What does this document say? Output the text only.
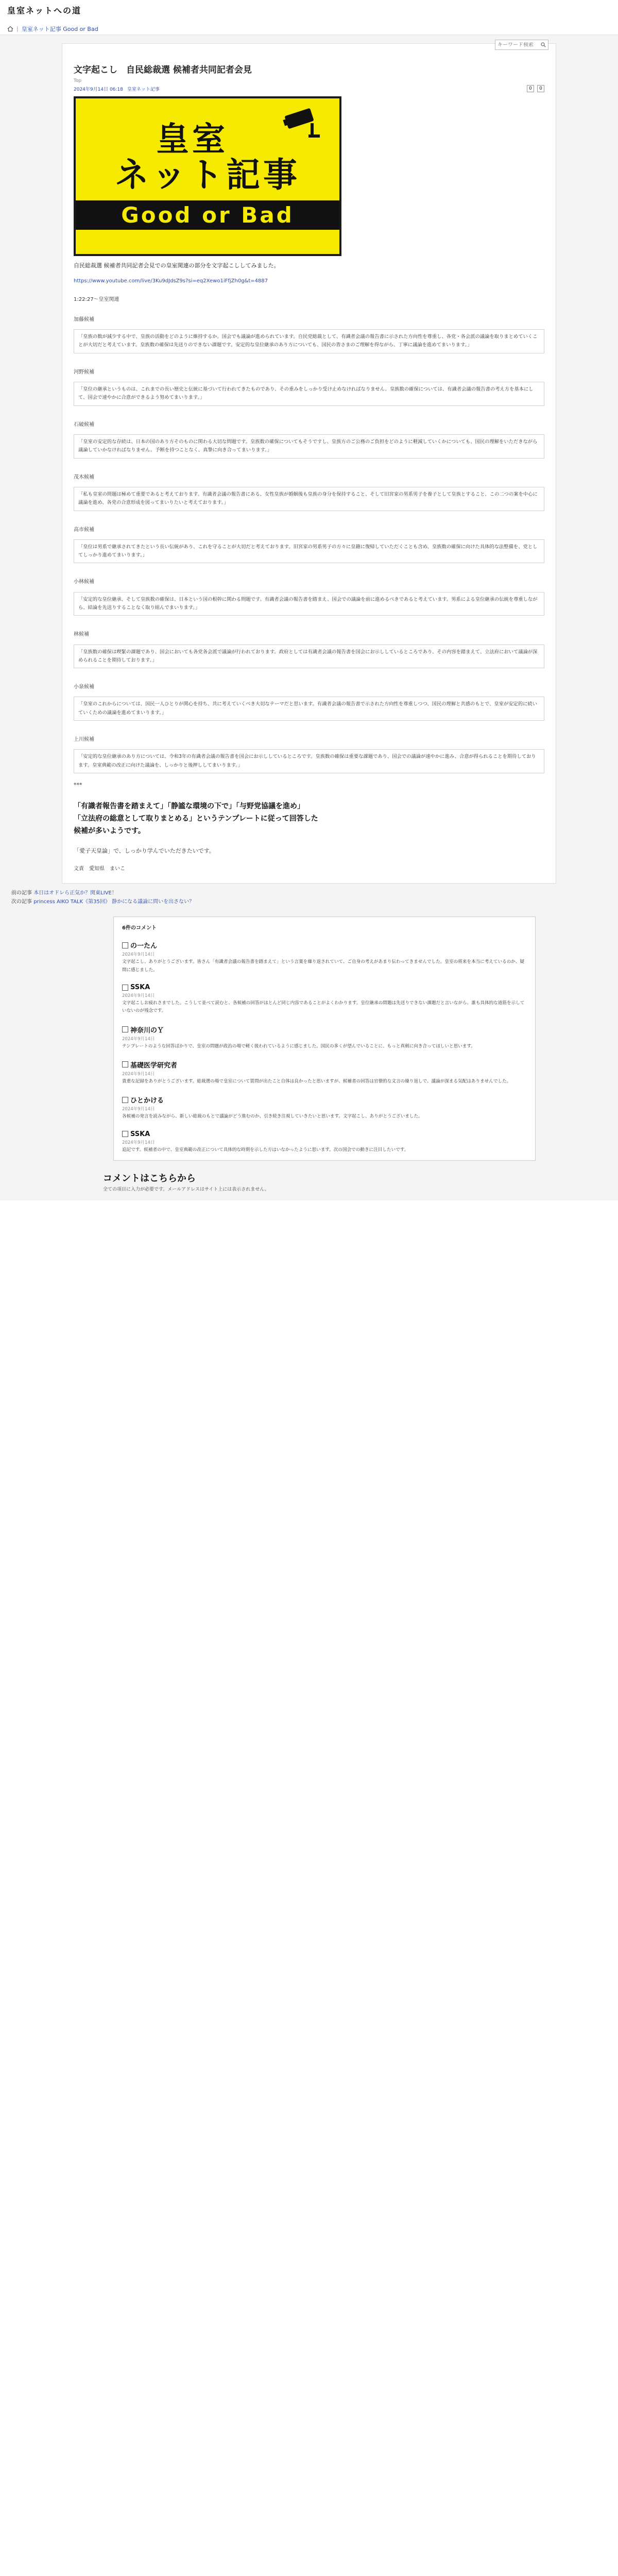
皇室ネットへの道
| 皇室ネット記事 Good or Bad
キーワード検索
文字起こし　自民総裁選 候補者共同記者会見
Top
2024年9月14日 06:18 皇室ネット記事	0	0
皇室
ネット記事
Good or Bad

自民総裁選 候補者共同記者会見での皇室関連の部分を文字起こししてみました。

https://www.youtube.com/live/3Ku9dJdsZ9s?si=eq2Xewo1iFfjZh0g&t=4887
1:22:27〜皇室関連
加藤候補
「皇族の数が減少する中で、皇族の活動をどのように維持するか。国会でも議論が進められています。自民党総裁として、有識者会議の報告書に示された方向性を尊重し、各党・各会派の議論を取りまとめていくことが大切だと考えています。皇族数の確保は先送りのできない課題です。安定的な皇位継承のあり方についても、国民の皆さまのご理解を得ながら、丁寧に議論を進めてまいります。」
河野候補
「皇位の継承というものは、これまでの長い歴史と伝統に基づいて行われてきたものであり、その重みをしっかり受け止めなければなりません。皇族数の確保については、有識者会議の報告書の考え方を基本にして、国会で速やかに合意ができるよう努めてまいります。」
石破候補
「皇室の安定的な存続は、日本の国のあり方そのものに関わる大切な問題です。皇族数の確保についてもそうですし、皇族方のご公務のご負担をどのように軽減していくかについても、国民の理解をいただきながら議論していかなければなりません。予断を持つことなく、真摯に向き合ってまいります。」
茂木候補
「私も皇室の問題は極めて重要であると考えております。有識者会議の報告書にある、女性皇族が婚姻後も皇族の身分を保持すること、そして旧宮家の男系男子を養子として皇族とすること、この二つの案を中心に議論を進め、各党の合意形成を図ってまいりたいと考えております。」
高市候補
「皇位は男系で継承されてきたという長い伝統があり、これを守ることが大切だと考えております。旧宮家の男系男子の方々に皇籍に復帰していただくことも含め、皇族数の確保に向けた具体的な法整備を、党としてしっかり進めてまいります。」
小林候補
「安定的な皇位継承、そして皇族数の確保は、日本という国の根幹に関わる問題です。有識者会議の報告書を踏まえ、国会での議論を前に進めるべきであると考えています。男系による皇位継承の伝統を尊重しながら、結論を先送りすることなく取り組んでまいります。」
林候補
「皇族数の確保は喫緊の課題であり、国会においても各党各会派で議論が行われております。政府としては有識者会議の報告書を国会にお示ししているところであり、その内容を踏まえて、立法府において議論が深められることを期待しております。」
小泉候補
「皇室のこれからについては、国民一人ひとりが関心を持ち、共に考えていくべき大切なテーマだと思います。有識者会議の報告書で示された方向性を尊重しつつ、国民の理解と共感のもとで、皇室が安定的に続いていくための議論を進めてまいります。」
上川候補
「安定的な皇位継承のあり方については、令和3年の有識者会議の報告書を国会にお示ししているところです。皇族数の確保は重要な課題であり、国会での議論が速やかに進み、合意が得られることを期待しております。皇室典範の改正に向けた議論を、しっかりと後押ししてまいります。」
***
「有識者報告書を踏まえて」「静謐な環境の下で」「与野党協議を進め」
「立法府の総意として取りまとめる」というテンプレートに従って回答した
候補が多いようです。

「愛子天皇論」で、しっかり学んでいただきたいです。

文責　愛知県　まいこ

前の記事 本日はオドレら正気か？関東LIVE！
次の記事 princess AIKO TALK《第35回》 静かになる議論に問いを出さない？
6件のコメント
の一たん
2024年9月14日
文字起こし、ありがとうございます。皆さん「有識者会議の報告書を踏まえて」という言葉を繰り返されていて、ご自身の考えがあまり伝わってきませんでした。皇室の将来を本当に考えているのか、疑問に感じました。
SSKA
2024年9月14日
文字起こしお疲れさまでした。こうして並べて読むと、各候補の回答がほとんど同じ内容であることがよくわかります。皇位継承の問題は先送りできない課題だと言いながら、誰も具体的な道筋を示していないのが残念です。
神奈川のＹ
2024年9月14日
テンプレートのような回答ばかりで、皇室の問題が政治の場で軽く扱われているように感じました。国民の多くが望んでいることに、もっと真剣に向き合ってほしいと思います。
基礎医学研究者
2024年9月14日
貴重な記録をありがとうございます。総裁選の場で皇室について質問が出たこと自体は良かったと思いますが、候補者の回答は官僚的な文言の繰り返しで、議論が深まる気配はありませんでした。
ひとかける
2024年9月14日
各候補の発言を読みながら、新しい総裁のもとで議論がどう進むのか、引き続き注視していきたいと思います。文字起こし、ありがとうございました。
SSKA
2024年9月14日
追記です。候補者の中で、皇室典範の改正について具体的な時期を示した方はいなかったように思います。次の国会での動きに注目したいです。
コメントはこちらから
全ての項目に入力が必要です。メールアドレスはサイト上には表示されません。
